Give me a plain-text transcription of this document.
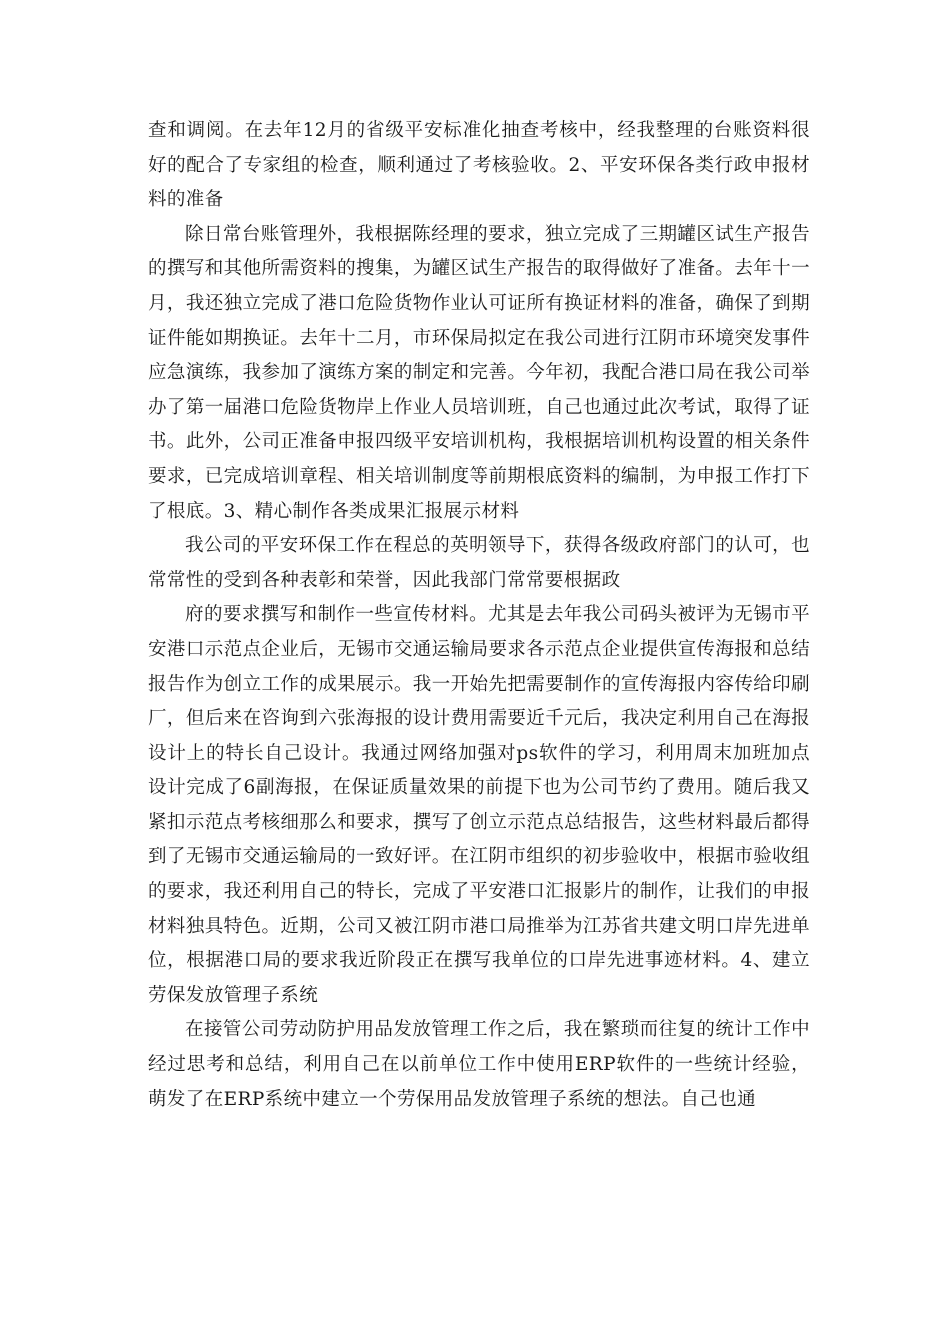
查和调阅。在去年12月的省级平安标准化抽查考核中，经我整理的台账资料很好的配合了专家组的检查，顺利通过了考核验收。2、平安环保各类行政申报材料的准备

除日常台账管理外，我根据陈经理的要求，独立完成了三期罐区试生产报告的撰写和其他所需资料的搜集，为罐区试生产报告的取得做好了准备。去年十一月，我还独立完成了港口危险货物作业认可证所有换证材料的准备，确保了到期证件能如期换证。去年十二月，市环保局拟定在我公司进行江阴市环境突发事件应急演练，我参加了演练方案的制定和完善。今年初，我配合港口局在我公司举办了第一届港口危险货物岸上作业人员培训班，自己也通过此次考试，取得了证书。此外，公司正准备申报四级平安培训机构，我根据培训机构设置的相关条件要求，已完成培训章程、相关培训制度等前期根底资料的编制，为申报工作打下了根底。3、精心制作各类成果汇报展示材料

我公司的平安环保工作在程总的英明领导下，获得各级政府部门的认可，也常常性的受到各种表彰和荣誉，因此我部门常常要根据政

府的要求撰写和制作一些宣传材料。尤其是去年我公司码头被评为无锡市平安港口示范点企业后，无锡市交通运输局要求各示范点企业提供宣传海报和总结报告作为创立工作的成果展示。我一开始先把需要制作的宣传海报内容传给印刷厂，但后来在咨询到六张海报的设计费用需要近千元后，我决定利用自己在海报设计上的特长自己设计。我通过网络加强对ps软件的学习，利用周末加班加点设计完成了6副海报，在保证质量效果的前提下也为公司节约了费用。随后我又紧扣示范点考核细那么和要求，撰写了创立示范点总结报告，这些材料最后都得到了无锡市交通运输局的一致好评。在江阴市组织的初步验收中，根据市验收组的要求，我还利用自己的特长，完成了平安港口汇报影片的制作，让我们的申报材料独具特色。近期，公司又被江阴市港口局推举为江苏省共建文明口岸先进单位，根据港口局的要求我近阶段正在撰写我单位的口岸先进事迹材料。4、建立劳保发放管理子系统

在接管公司劳动防护用品发放管理工作之后，我在繁琐而往复的统计工作中经过思考和总结，利用自己在以前单位工作中使用ERP软件的一些统计经验，萌发了在ERP系统中建立一个劳保用品发放管理子系统的想法。自己也通
